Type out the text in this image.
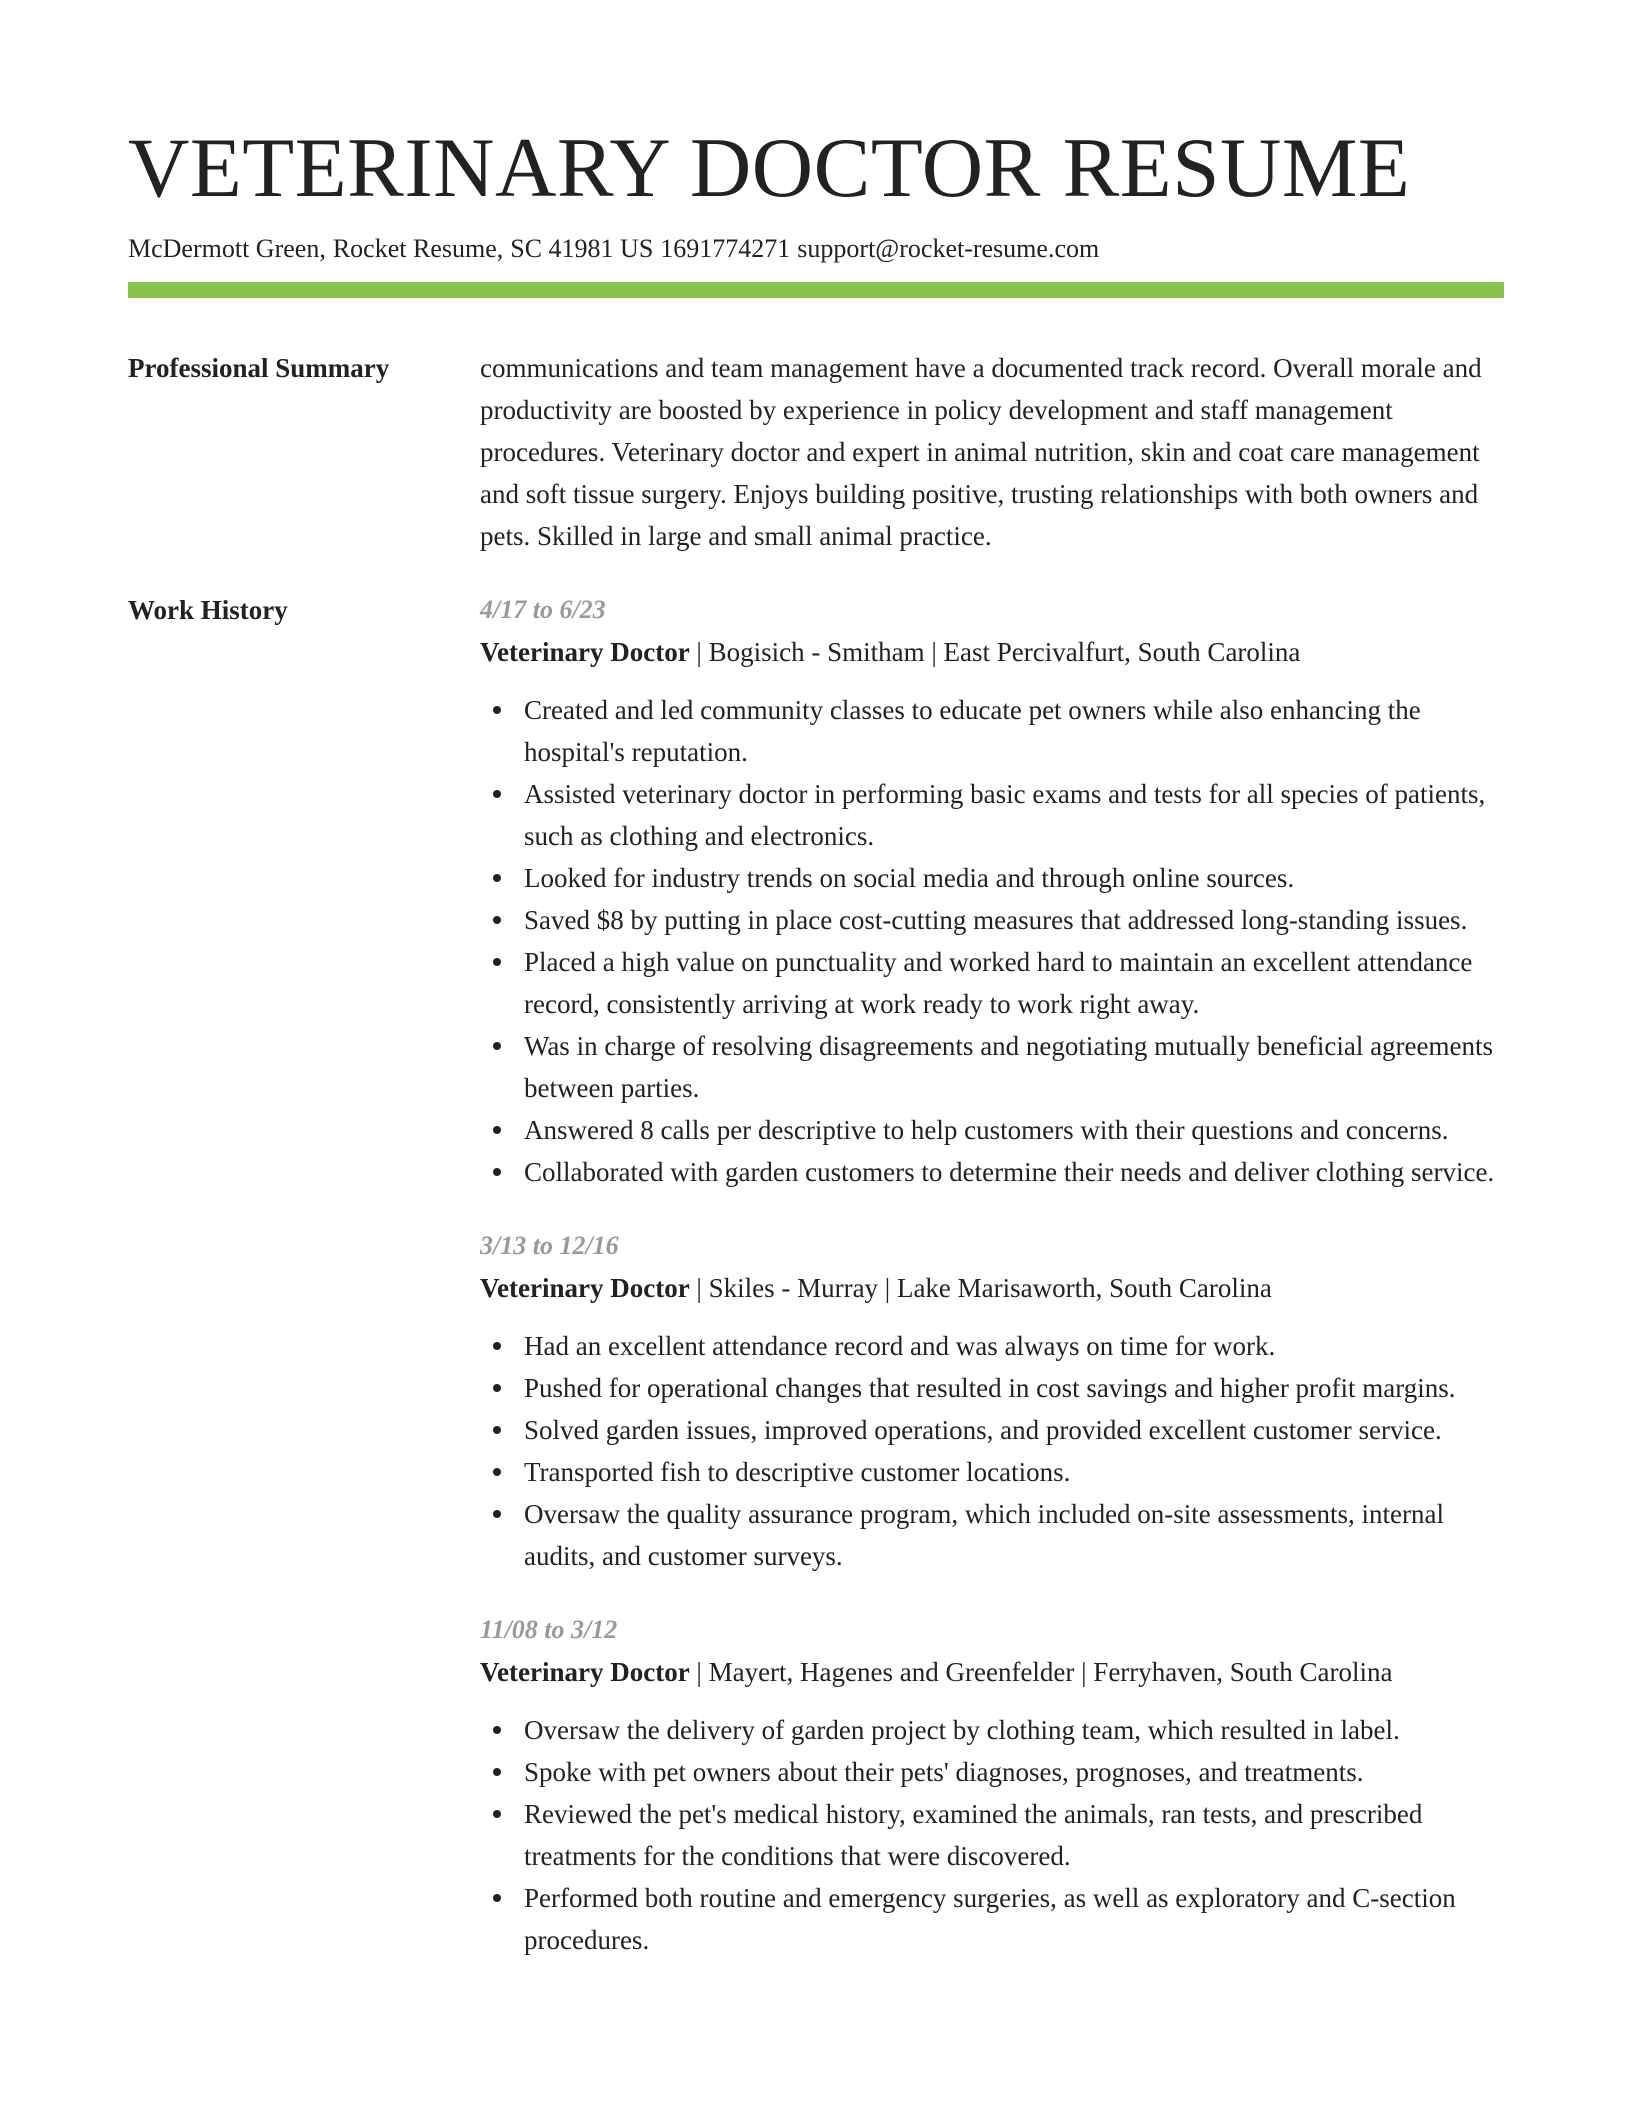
VETERINARY DOCTOR RESUME
McDermott Green, Rocket Resume, SC 41981 US 1691774271 support@rocket-resume.com
Professional Summary	communications and team management have a documented track record. Overall morale and productivity are boosted by experience in policy development and staff management procedures. Veterinary doctor and expert in animal nutrition, skin and coat care management and soft tissue surgery. Enjoys building positive, trusting relationships with both owners and pets. Skilled in large and small animal practice.

Work History	4/17 to 6/23
Veterinary Doctor | Bogisich - Smitham | East Percivalfurt, South Carolina
Created and led community classes to educate pet owners while also enhancing the hospital's reputation.
Assisted veterinary doctor in performing basic exams and tests for all species of patients, such as clothing and electronics.
Looked for industry trends on social media and through online sources.
Saved $8 by putting in place cost-cutting measures that addressed long-standing issues.
Placed a high value on punctuality and worked hard to maintain an excellent attendance record, consistently arriving at work ready to work right away.
Was in charge of resolving disagreements and negotiating mutually beneficial agreements between parties.
Answered 8 calls per descriptive to help customers with their questions and concerns.
Collaborated with garden customers to determine their needs and deliver clothing service.
3/13 to 12/16
Veterinary Doctor | Skiles - Murray | Lake Marisaworth, South Carolina
Had an excellent attendance record and was always on time for work.
Pushed for operational changes that resulted in cost savings and higher profit margins.
Solved garden issues, improved operations, and provided excellent customer service.
Transported fish to descriptive customer locations.
Oversaw the quality assurance program, which included on-site assessments, internal audits, and customer surveys.
11/08 to 3/12
Veterinary Doctor | Mayert, Hagenes and Greenfelder | Ferryhaven, South Carolina
Oversaw the delivery of garden project by clothing team, which resulted in label.
Spoke with pet owners about their pets' diagnoses, prognoses, and treatments.
Reviewed the pet's medical history, examined the animals, ran tests, and prescribed treatments for the conditions that were discovered.
Performed both routine and emergency surgeries, as well as exploratory and C-section procedures.
